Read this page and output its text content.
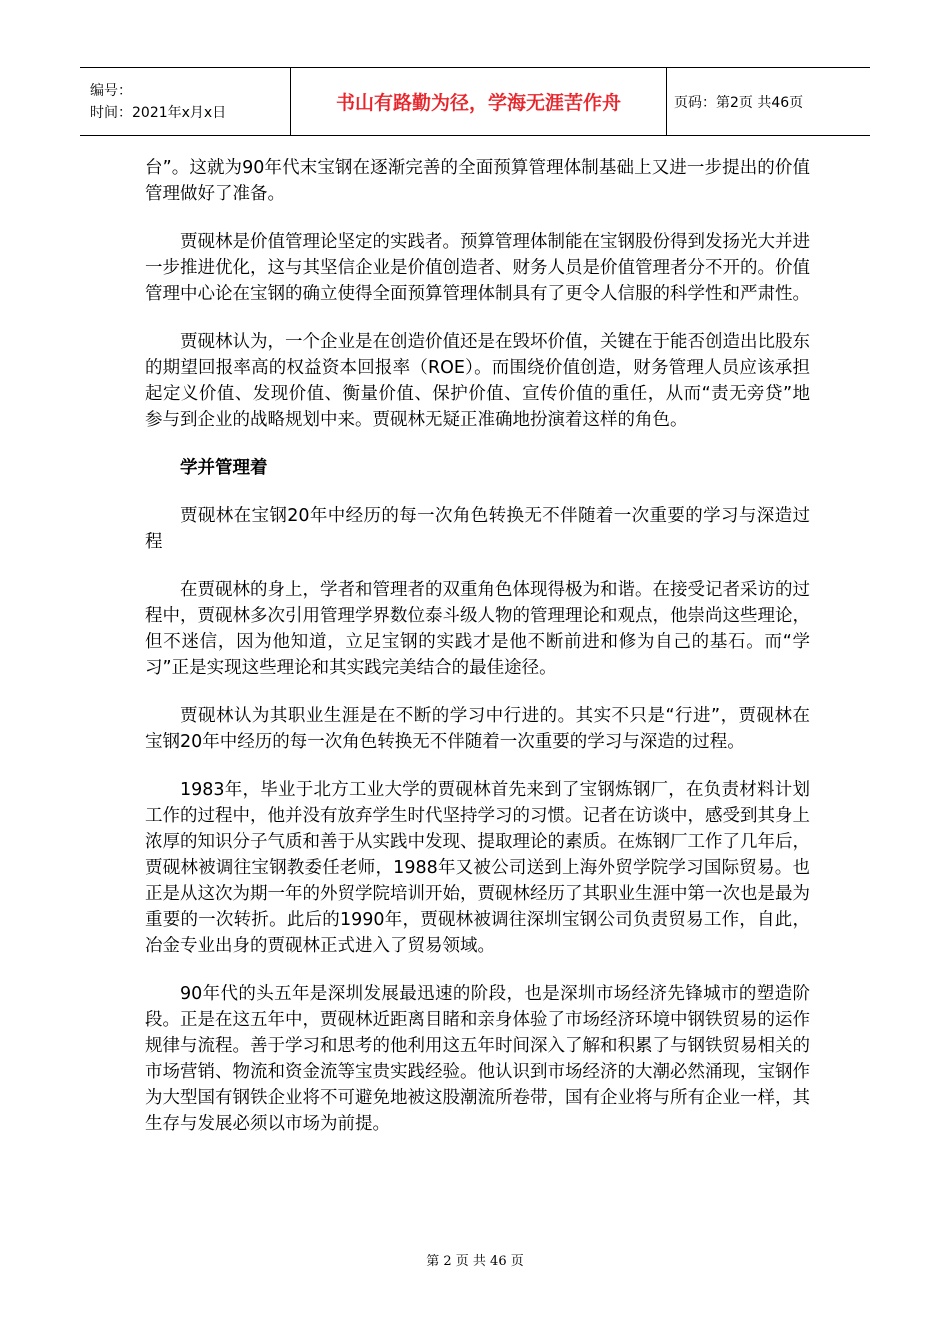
编号：
时间：2021年x月x日	书山有路勤为径，学海无涯苦作舟	页码：第2页 共46页

台”。这就为90年代末宝钢在逐渐完善的全面预算管理体制基础上又进一步提出的价值管理做好了准备。

贾砚林是价值管理论坚定的实践者。预算管理体制能在宝钢股份得到发扬光大并进一步推进优化，这与其坚信企业是价值创造者、财务人员是价值管理者分不开的。价值管理中心论在宝钢的确立使得全面预算管理体制具有了更令人信服的科学性和严肃性。

贾砚林认为，一个企业是在创造价值还是在毁坏价值，关键在于能否创造出比股东的期望回报率高的权益资本回报率（ROE）。而围绕价值创造，财务管理人员应该承担起定义价值、发现价值、衡量价值、保护价值、宣传价值的重任，从而“责无旁贷”地参与到企业的战略规划中来。贾砚林无疑正准确地扮演着这样的角色。

学并管理着

贾砚林在宝钢20年中经历的每一次角色转换无不伴随着一次重要的学习与深造过程

在贾砚林的身上，学者和管理者的双重角色体现得极为和谐。在接受记者采访的过程中，贾砚林多次引用管理学界数位泰斗级人物的管理理论和观点，他崇尚这些理论，但不迷信，因为他知道，立足宝钢的实践才是他不断前进和修为自己的基石。而“学习”正是实现这些理论和其实践完美结合的最佳途径。

贾砚林认为其职业生涯是在不断的学习中行进的。其实不只是“行进”，贾砚林在宝钢20年中经历的每一次角色转换无不伴随着一次重要的学习与深造的过程。

1983年，毕业于北方工业大学的贾砚林首先来到了宝钢炼钢厂，在负责材料计划工作的过程中，他并没有放弃学生时代坚持学习的习惯。记者在访谈中，感受到其身上浓厚的知识分子气质和善于从实践中发现、提取理论的素质。在炼钢厂工作了几年后，贾砚林被调往宝钢教委任老师，1988年又被公司送到上海外贸学院学习国际贸易。也正是从这次为期一年的外贸学院培训开始，贾砚林经历了其职业生涯中第一次也是最为重要的一次转折。此后的1990年，贾砚林被调往深圳宝钢公司负责贸易工作，自此，冶金专业出身的贾砚林正式进入了贸易领域。

90年代的头五年是深圳发展最迅速的阶段，也是深圳市场经济先锋城市的塑造阶段。正是在这五年中，贾砚林近距离目睹和亲身体验了市场经济环境中钢铁贸易的运作规律与流程。善于学习和思考的他利用这五年时间深入了解和积累了与钢铁贸易相关的市场营销、物流和资金流等宝贵实践经验。他认识到市场经济的大潮必然涌现，宝钢作为大型国有钢铁企业将不可避免地被这股潮流所卷带，国有企业将与所有企业一样，其生存与发展必须以市场为前提。

第 2 页 共 46 页
